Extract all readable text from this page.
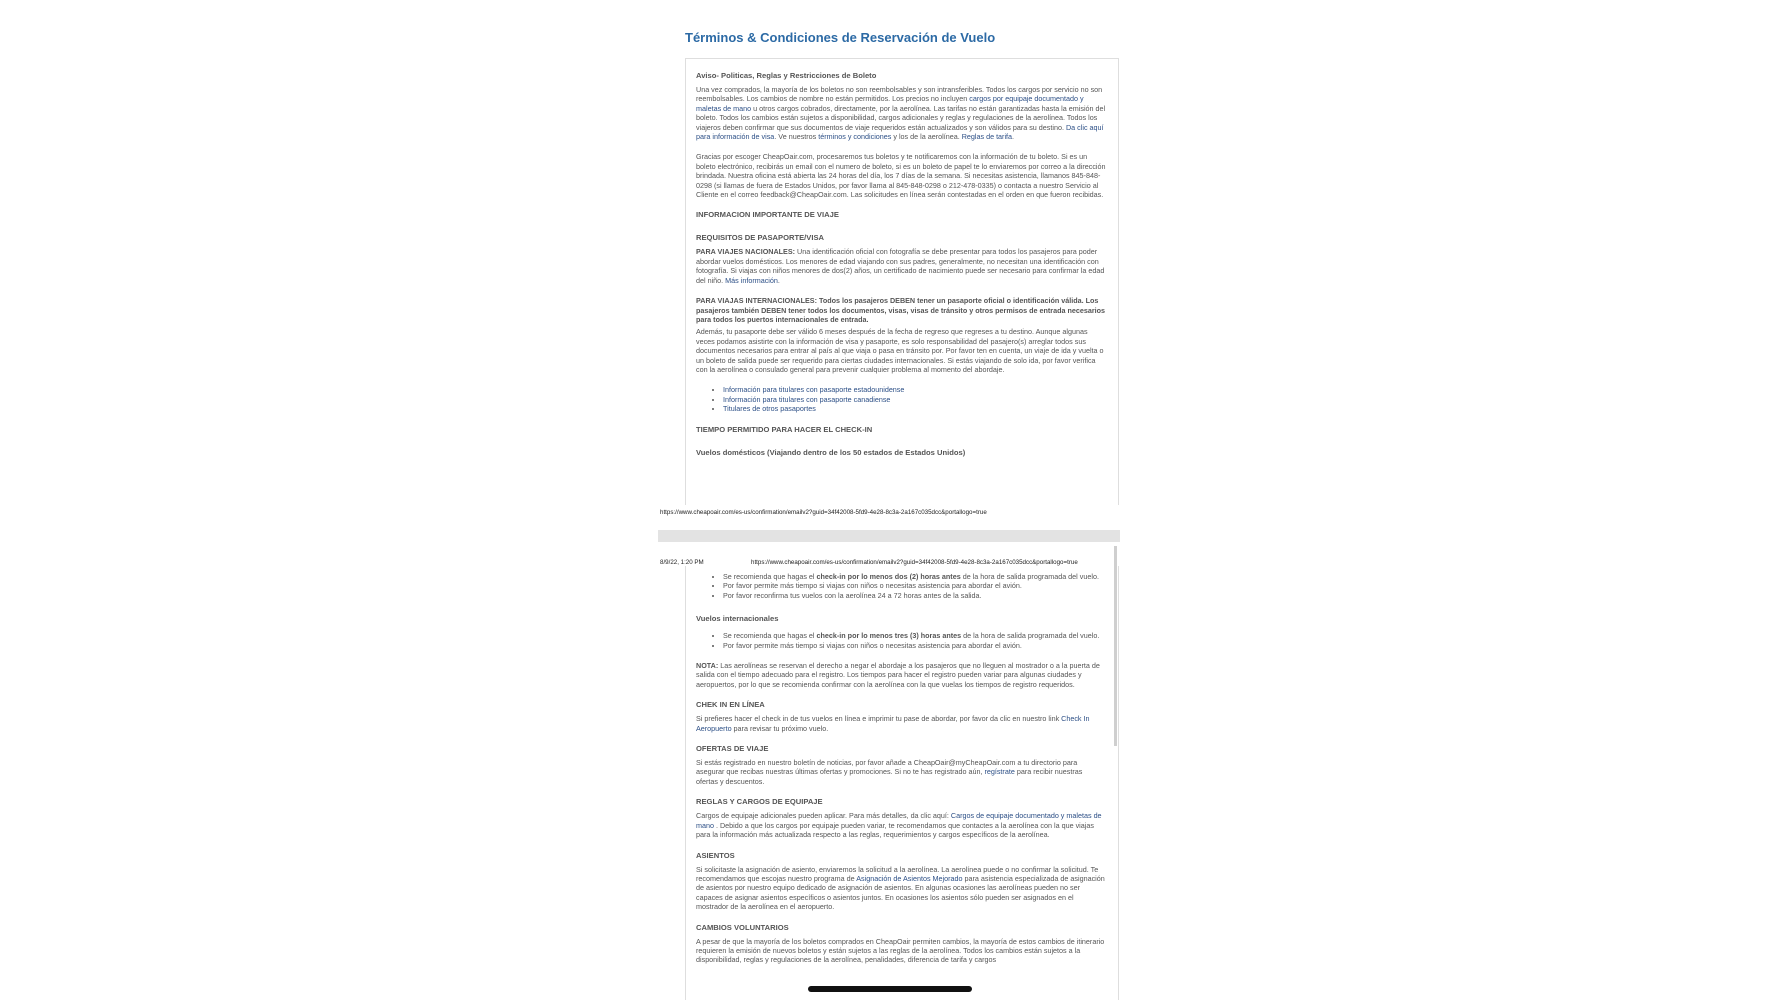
Términos & Condiciones de Reservación de Vuelo
Aviso- Politicas, Reglas y Restricciones de Boleto

Una vez comprados, la mayoría de los boletos no son reembolsables y son intransferibles. Todos los cargos por servicio no son reembolsables. Los cambios de nombre no están permitidos. Los precios no incluyen cargos por equipaje documentado y maletas de mano u otros cargos cobrados, directamente, por la aerolínea. Las tarifas no están garantizadas hasta la emisión del boleto. Todos los cambios están sujetos a disponibilidad, cargos adicionales y reglas y regulaciones de la aerolínea. Todos los viajeros deben confirmar que sus documentos de viaje requeridos están actualizados y son válidos para su destino. Da clic aquí para información de visa. Ve nuestros términos y condiciones y los de la aerolínea. Reglas de tarifa.

Gracias por escoger CheapOair.com, procesaremos tus boletos y te notificaremos con la información de tu boleto. Si es un boleto electrónico, recibirás un email con el numero de boleto, si es un boleto de papel te lo enviaremos por correo a la dirección brindada. Nuestra oficina está abierta las 24 horas del día, los 7 días de la semana. Si necesitas asistencia, llamanos 845-848-0298 (si llamas de fuera de Estados Unidos, por favor llama al 845-848-0298 o 212-478-0335) o contacta a nuestro Servicio al Cliente en el correo feedback@CheapOair.com. Las solicitudes en línea serán contestadas en el orden en que fueron recibidas.

INFORMACION IMPORTANTE DE VIAJE
REQUISITOS DE PASAPORTE/VISA

PARA VIAJES NACIONALES: Una identificación oficial con fotografía se debe presentar para todos los pasajeros para poder abordar vuelos domésticos. Los menores de edad viajando con sus padres, generalmente, no necesitan una identificación con fotografía. Si viajas con niños menores de dos(2) años, un certificado de nacimiento puede ser necesario para confirmar la edad del niño. Más información.

PARA VIAJAS INTERNACIONALES: Todos los pasajeros DEBEN tener un pasaporte oficial o identificación válida. Los pasajeros también DEBEN tener todos los documentos, visas, visas de tránsito y otros permisos de entrada necesarios para todos los puertos internacionales de entrada.

Además, tu pasaporte debe ser válido 6 meses después de la fecha de regreso que regreses a tu destino. Aunque algunas veces podamos asistirte con la información de visa y pasaporte, es solo responsabilidad del pasajero(s) arreglar todos sus documentos necesarios para entrar al país al que viaja o pasa en tránsito por. Por favor ten en cuenta, un viaje de ida y vuelta o un boleto de salida puede ser requerido para ciertas ciudades internacionales. Si estás viajando de solo ida, por favor verifica con la aerolínea o consulado general para prevenir cualquier problema al momento del abordaje.

• Información para titulares con pasaporte estadounidense
• Información para titulares con pasaporte canadiense
• Titulares de otros pasaportes
TIEMPO PERMITIDO PARA HACER EL CHECK-IN
Vuelos domésticos (Viajando dentro de los 50 estados de Estados Unidos)
https://www.cheapoair.com/es-us/confirmation/emailv2?guid=34f42008-5fd9-4e28-8c3a-2a167c035dcc&portallogo=true
8/9/22, 1:20 PM	https://www.cheapoair.com/es-us/confirmation/emailv2?guid=34f42008-5fd9-4e28-8c3a-2a167c035dcc&portallogo=true
• Se recomienda que hagas el check-in por lo menos dos (2) horas antes de la hora de salida programada del vuelo.
• Por favor permite más tiempo si viajas con niños o necesitas asistencia para abordar el avión.
• Por favor reconfirma tus vuelos con la aerolínea 24 a 72 horas antes de la salida.
Vuelos internacionales
• Se recomienda que hagas el check-in por lo menos tres (3) horas antes de la hora de salida programada del vuelo.
• Por favor permite más tiempo si viajas con niños o necesitas asistencia para abordar el avión.

NOTA: Las aerolíneas se reservan el derecho a negar el abordaje a los pasajeros que no lleguen al mostrador o a la puerta de salida con el tiempo adecuado para el registro. Los tiempos para hacer el registro pueden variar para algunas ciudades y aeropuertos, por lo que se recomienda confirmar con la aerolínea con la que vuelas los tiempos de registro requeridos.

CHEK IN EN LÍNEA

Si prefieres hacer el check in de tus vuelos en línea e imprimir tu pase de abordar, por favor da clic en nuestro link Check In Aeropuerto para revisar tu próximo vuelo.

OFERTAS DE VIAJE

Si estás registrado en nuestro boletín de noticias, por favor añade a CheapOair@myCheapOair.com a tu directorio para asegurar que recibas nuestras últimas ofertas y promociones. Si no te has registrado aún, regístrate para recibir nuestras ofertas y descuentos.

REGLAS Y CARGOS DE EQUIPAJE

Cargos de equipaje adicionales pueden aplicar. Para más detalles, da clic aquí: Cargos de equipaje documentado y maletas de mano . Debido a que los cargos por equipaje pueden variar, te recomendamos que contactes a la aerolínea con la que viajas para la información más actualizada respecto a las reglas, requerimientos y cargos específicos de la aerolínea.

ASIENTOS

Si solicitaste la asignación de asiento, enviaremos la solicitud a la aerolínea. La aerolínea puede o no confirmar la solicitud. Te recomendamos que escojas nuestro programa de Asignación de Asientos Mejorado para asistencia especializada de asignación de asientos por nuestro equipo dedicado de asignación de asientos. En algunas ocasiones las aerolíneas pueden no ser capaces de asignar asientos específicos o asientos juntos. En ocasiones los asientos sólo pueden ser asignados en el mostrador de la aerolínea en el aeropuerto.

CAMBIOS VOLUNTARIOS

A pesar de que la mayoría de los boletos comprados en CheapOair permiten cambios, la mayoría de estos cambios de itinerario requieren la emisión de nuevos boletos y están sujetos a las reglas de la aerolínea. Todos los cambios están sujetos a la disponibilidad, reglas y regulaciones de la aerolínea, penalidades, diferencia de tarifa y cargos
